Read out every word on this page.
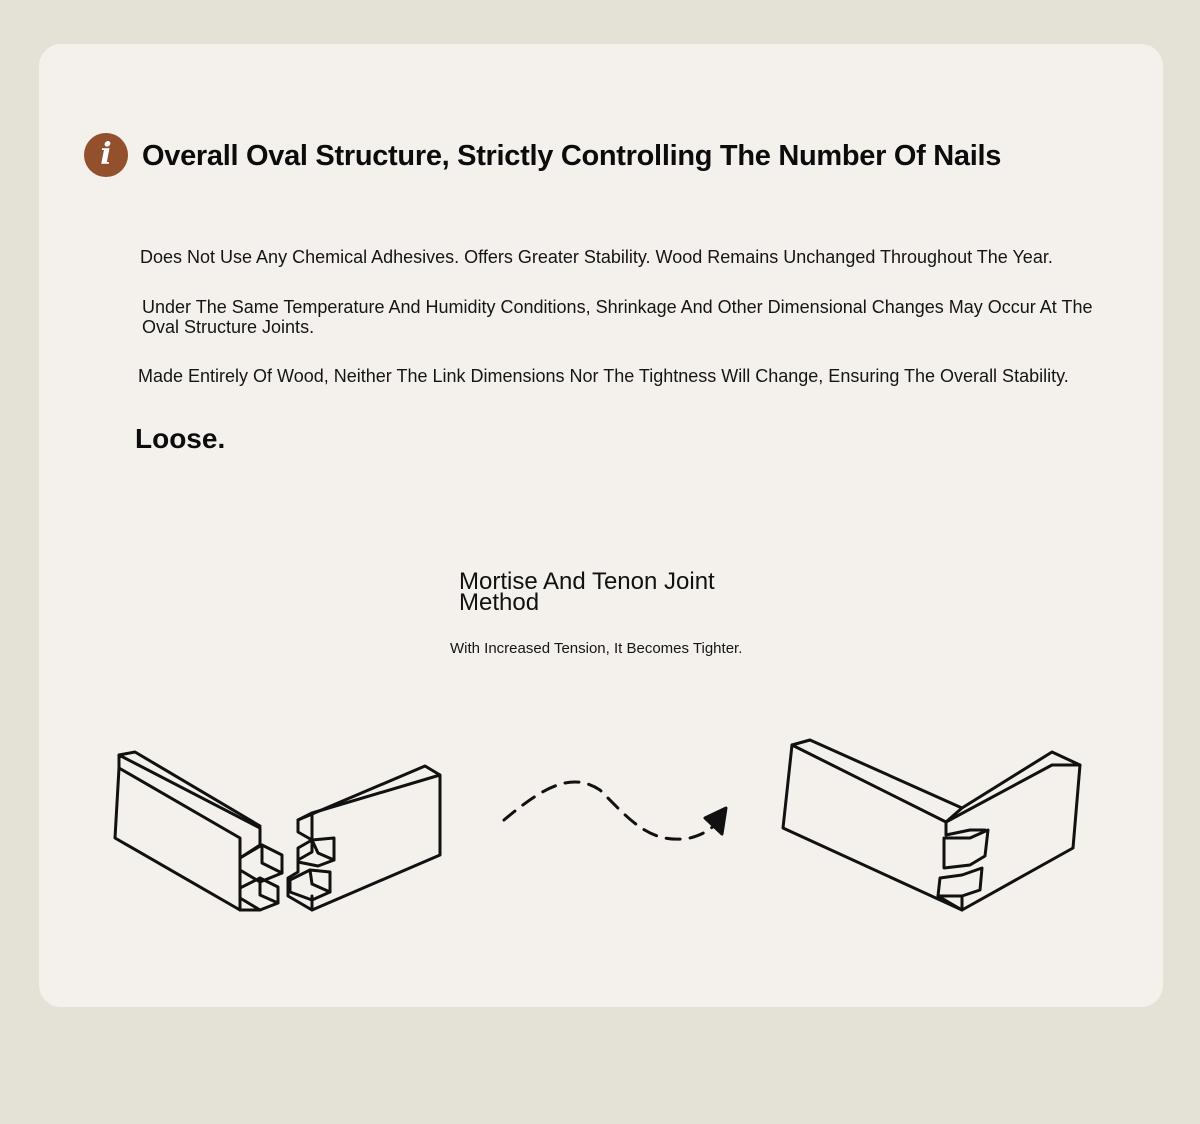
i	Overall Oval Structure, Strictly Controlling The Number Of Nails
Does Not Use Any Chemical Adhesives. Offers Greater Stability. Wood Remains Unchanged Throughout The Year.
Under The Same Temperature And Humidity Conditions, Shrinkage And Other Dimensional Changes May Occur At The Oval Structure Joints.
Made Entirely Of Wood, Neither The Link Dimensions Nor The Tightness Will Change, Ensuring The Overall Stability.
Loose.
Mortise And Tenon Joint Method
With Increased Tension, It Becomes Tighter.
